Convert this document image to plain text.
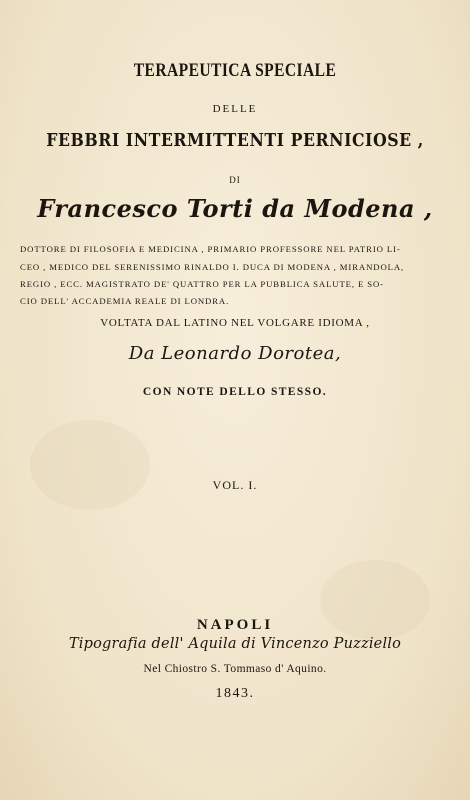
TERAPEUTICA SPECIALE
DELLE
FEBBRI INTERMITTENTI PERNICIOSE ,
DI
Francesco Torti da Modena ,
DOTTORE DI FILOSOFIA E MEDICINA , PRIMARIO PROFESSORE NEL PATRIO LI-
CEO , MEDICO DEL SERENISSIMO RINALDO I. DUCA DI MODENA , MIRANDOLA,
REGIO , ECC. MAGISTRATO DE' QUATTRO PER LA PUBBLICA SALUTE, E SO-
CIO DELL' ACCADEMIA REALE DI LONDRA.
VOLTATA DAL LATINO NEL VOLGARE IDIOMA ,
Da Leonardo Dorotea,
CON NOTE DELLO STESSO.
VOL. I.
NAPOLI
Tipografia dell' Aquila di Vincenzo Puzziello
Nel Chiostro S. Tommaso d' Aquino.
1843.
